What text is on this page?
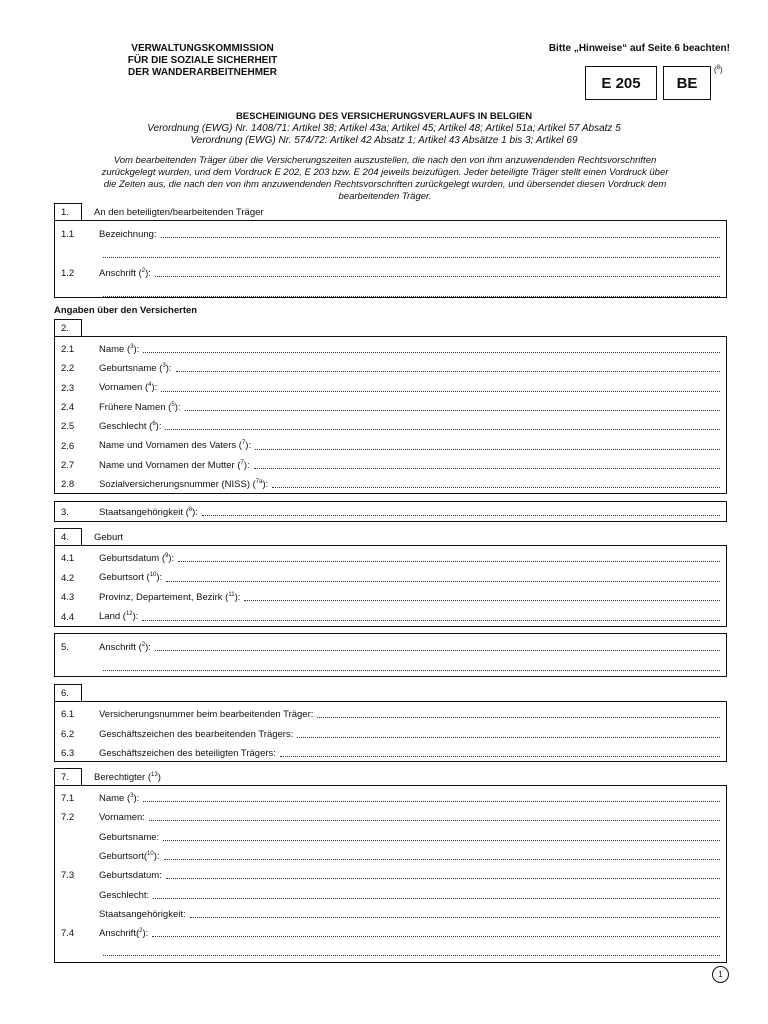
VERWALTUNGSKOMMISSION
FÜR DIE SOZIALE SICHERHEIT
DER WANDERARBEITNEHMER
Bitte „Hinweise“ auf Seite 6 beachten!
E 205 BE
($^8$)
BESCHEINIGUNG DES VERSICHERUNGSVERLAUFS IN BELGIEN
Verordnung (EWG) Nr. 1408/71: Artikel 38; Artikel 43a; Artikel 45; Artikel 48; Artikel 51a; Artikel 57 Absatz 5
Verordnung (EWG) Nr. 574/72: Artikel 42 Absatz 1; Artikel 43 Absätze 1 bis 3; Artikel 69
Vom bearbeitenden Träger über die Versicherungszeiten auszustellen, die nach den von ihm anzuwendenden Rechtsvorschriften
zurückgelegt wurden, und dem Vordruck E 202, E 203 bzw. E 204 jeweils beizufügen. Jeder beteiligte Träger stellt einen Vordruck über
die Zeiten aus, die nach den von ihm anzuwendenden Rechtsvorschriften zurückgelegt wurden, und übersendet diesen Vordruck dem
bearbeitenden Träger.
1.	An den beteiligten/bearbeitenden Träger
1.1	Bezeichnung:
1.2	Anschrift ($^2$):
Angaben über den Versicherten
2.
2.1	Name ($^3$):
2.2	Geburtsname ($^3$):
2.3	Vornamen ($^4$):
2.4	Frühere Namen ($^5$):
2.5	Geschlecht ($^6$):
2.6	Name und Vornamen des Vaters ($^7$):
2.7	Name und Vornamen der Mutter ($^7$):
2.8	Sozialversicherungsnummer (NISS) ($^{7a}$):
3.	Staatsangehörigkeit ($^8$):
4.	Geburt
4.1	Geburtsdatum ($^9$):
4.2	Geburtsort ($^{10}$):
4.3	Provinz, Departement, Bezirk ($^{11}$):
4.4	Land ($^{12}$):
5.	Anschrift ($^2$):
6.
6.1	Versicherungsnummer beim bearbeitenden Träger:
6.2	Geschäftszeichen des bearbeitenden Trägers:
6.3	Geschäftszeichen des beteiligten Trägers:
7.	Berechtigter ($^{13}$)
7.1	Name ($^3$):
7.2	Vornamen:
Geburtsname:
Geburtsort($^{10}$):
7.3	Geburtsdatum:
Geschlecht:
Staatsangehörigkeit:
7.4	Anschrift($^2$):
1
